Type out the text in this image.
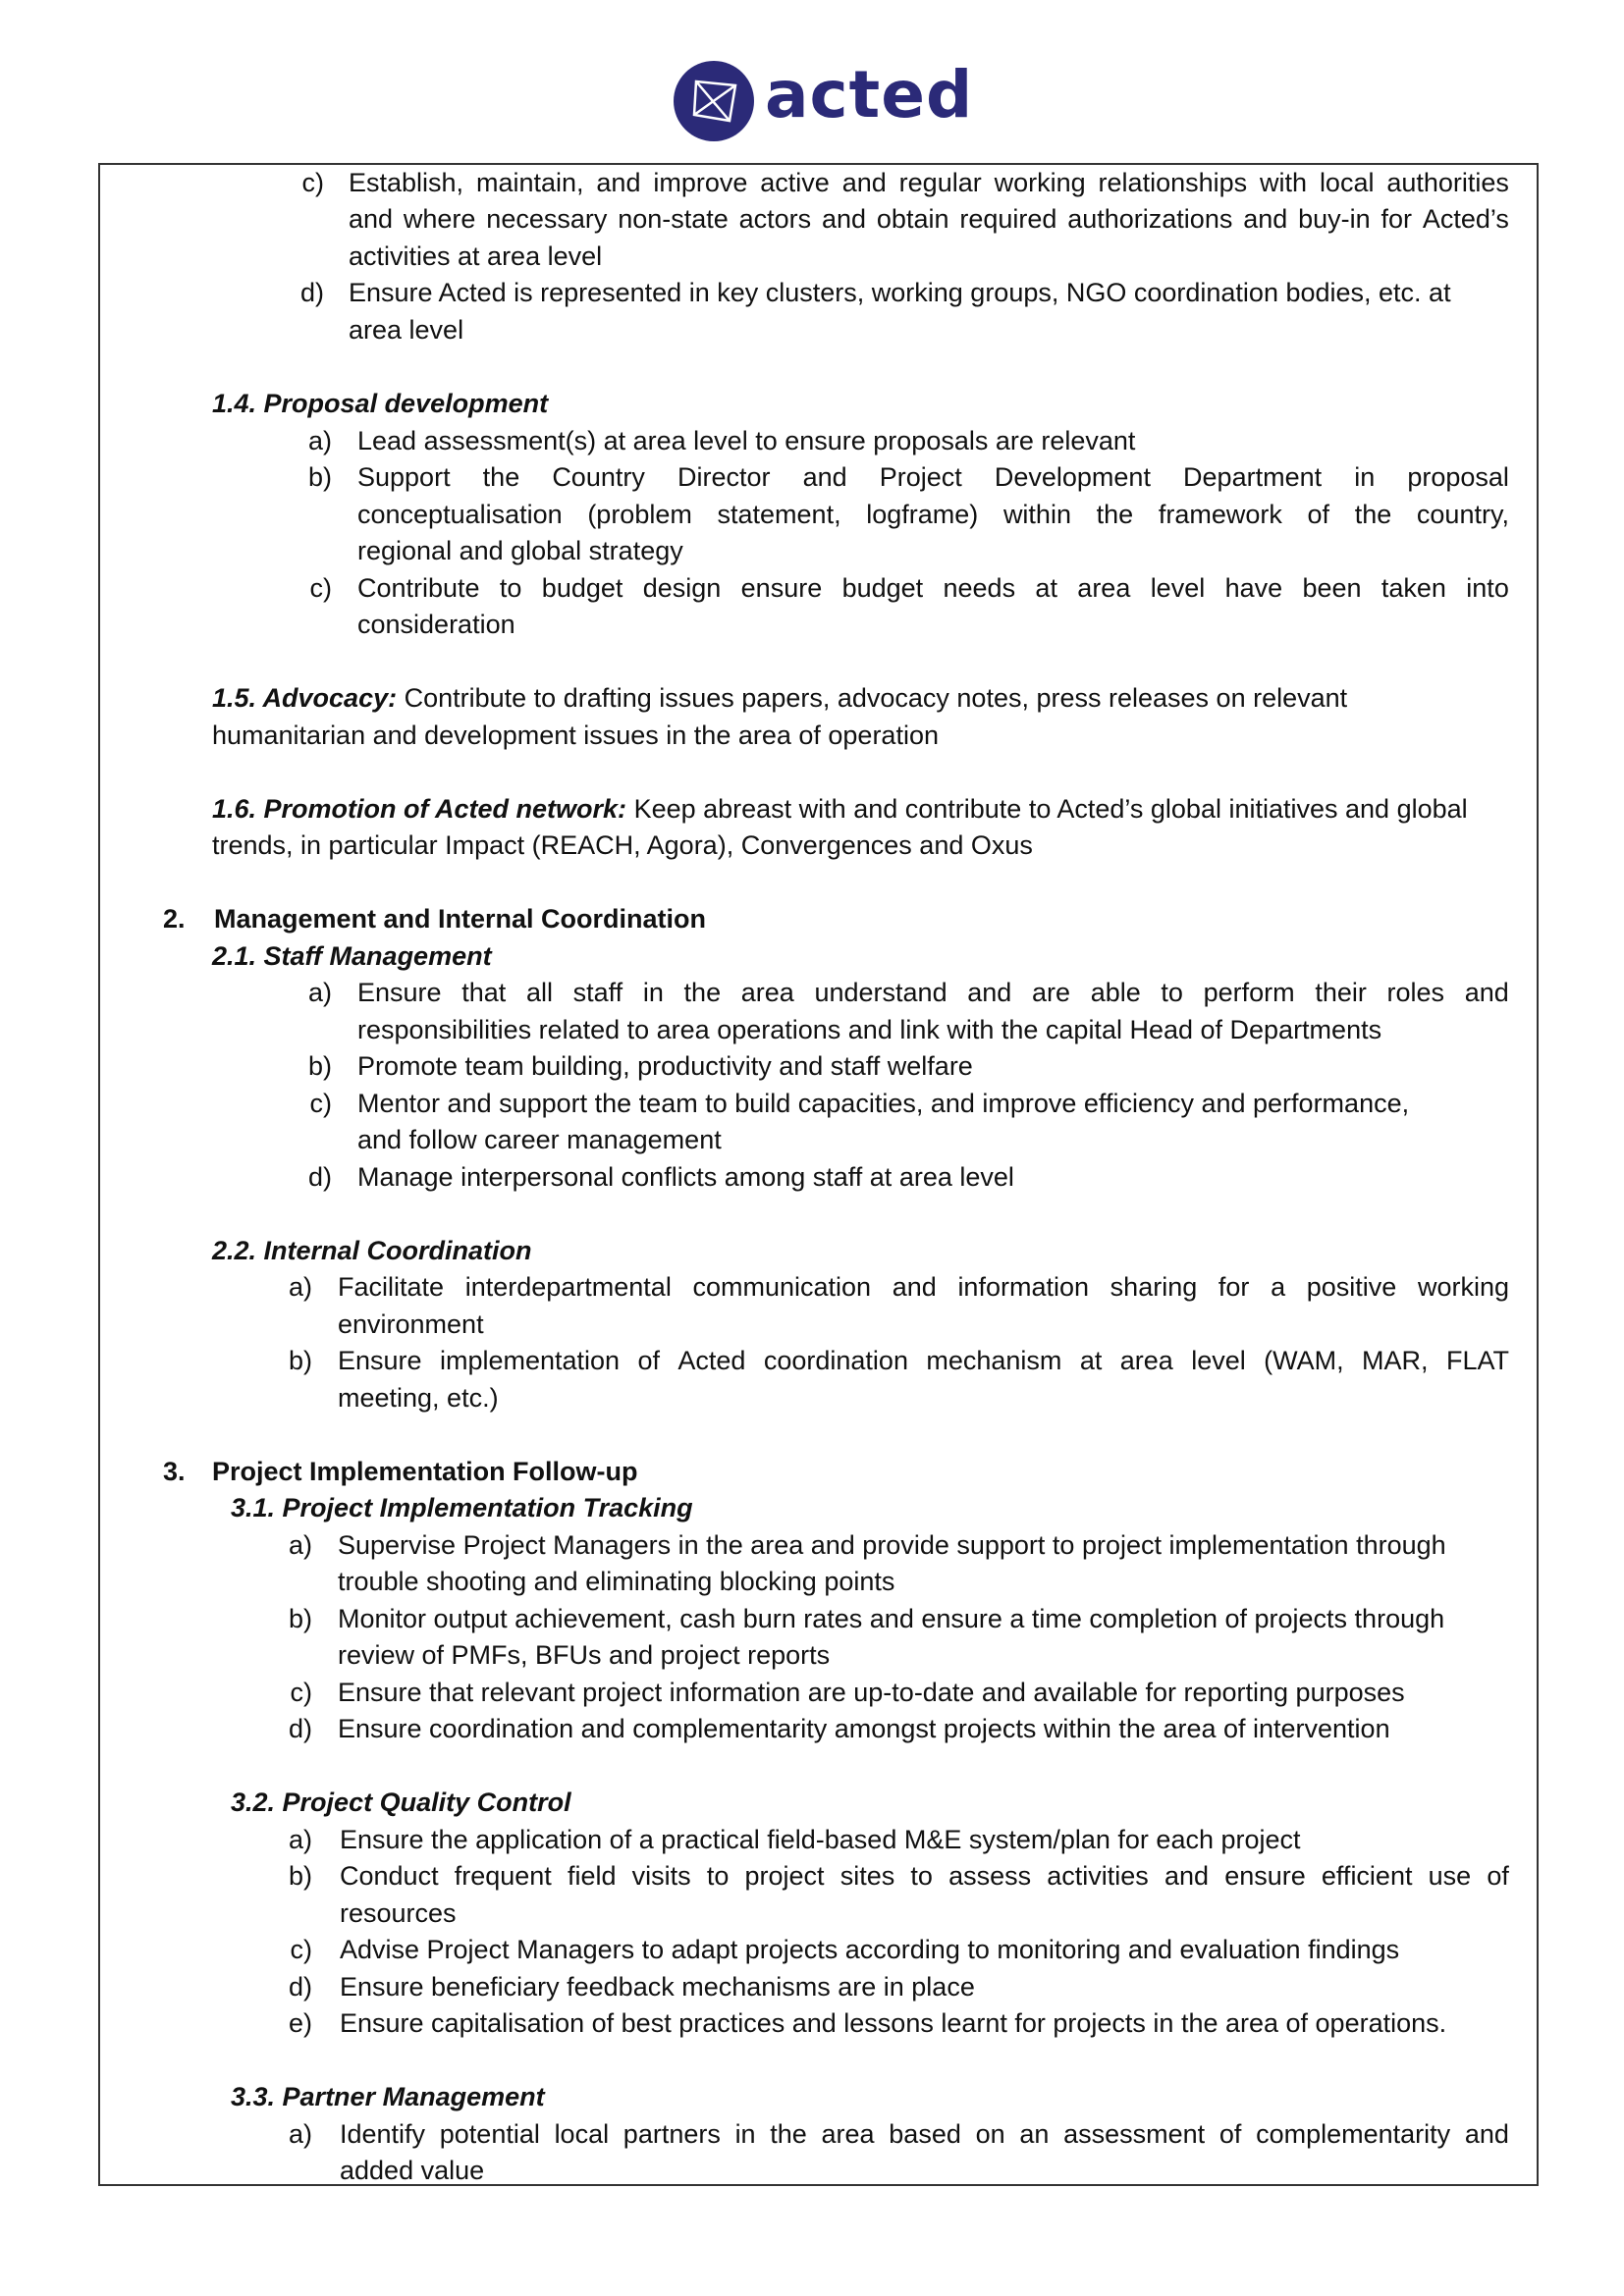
acted
c) Establish, maintain, and improve active and regular working relationships with local authorities
and where necessary non-state actors and obtain required authorizations and buy-in for Acted’s
activities at area level
d) Ensure Acted is represented in key clusters, working groups, NGO coordination bodies, etc. at
area level
1.4. Proposal development
a) Lead assessment(s) at area level to ensure proposals are relevant
b) Support the Country Director and Project Development Department in proposal
conceptualisation (problem statement, logframe) within the framework of the country,
regional and global strategy
c) Contribute to budget design ensure budget needs at area level have been taken into
consideration
1.5. Advocacy: Contribute to drafting issues papers, advocacy notes, press releases on relevant
humanitarian and development issues in the area of operation
1.6. Promotion of Acted network: Keep abreast with and contribute to Acted’s global initiatives and global
trends, in particular Impact (REACH, Agora), Convergences and Oxus
2. Management and Internal Coordination
2.1. Staff Management
a) Ensure that all staff in the area understand and are able to perform their roles and
responsibilities related to area operations and link with the capital Head of Departments
b) Promote team building, productivity and staff welfare
c) Mentor and support the team to build capacities, and improve efficiency and performance,
and follow career management
d) Manage interpersonal conflicts among staff at area level
2.2. Internal Coordination
a) Facilitate interdepartmental communication and information sharing for a positive working
environment
b) Ensure implementation of Acted coordination mechanism at area level (WAM, MAR, FLAT
meeting, etc.)
3. Project Implementation Follow-up
3.1. Project Implementation Tracking
a) Supervise Project Managers in the area and provide support to project implementation through
trouble shooting and eliminating blocking points
b) Monitor output achievement, cash burn rates and ensure a time completion of projects through
review of PMFs, BFUs and project reports
c) Ensure that relevant project information are up-to-date and available for reporting purposes
d) Ensure coordination and complementarity amongst projects within the area of intervention
3.2. Project Quality Control
a) Ensure the application of a practical field-based M&E system/plan for each project
b) Conduct frequent field visits to project sites to assess activities and ensure efficient use of
resources
c) Advise Project Managers to adapt projects according to monitoring and evaluation findings
d) Ensure beneficiary feedback mechanisms are in place
e) Ensure capitalisation of best practices and lessons learnt for projects in the area of operations.
3.3. Partner Management
a) Identify potential local partners in the area based on an assessment of complementarity and
added value
